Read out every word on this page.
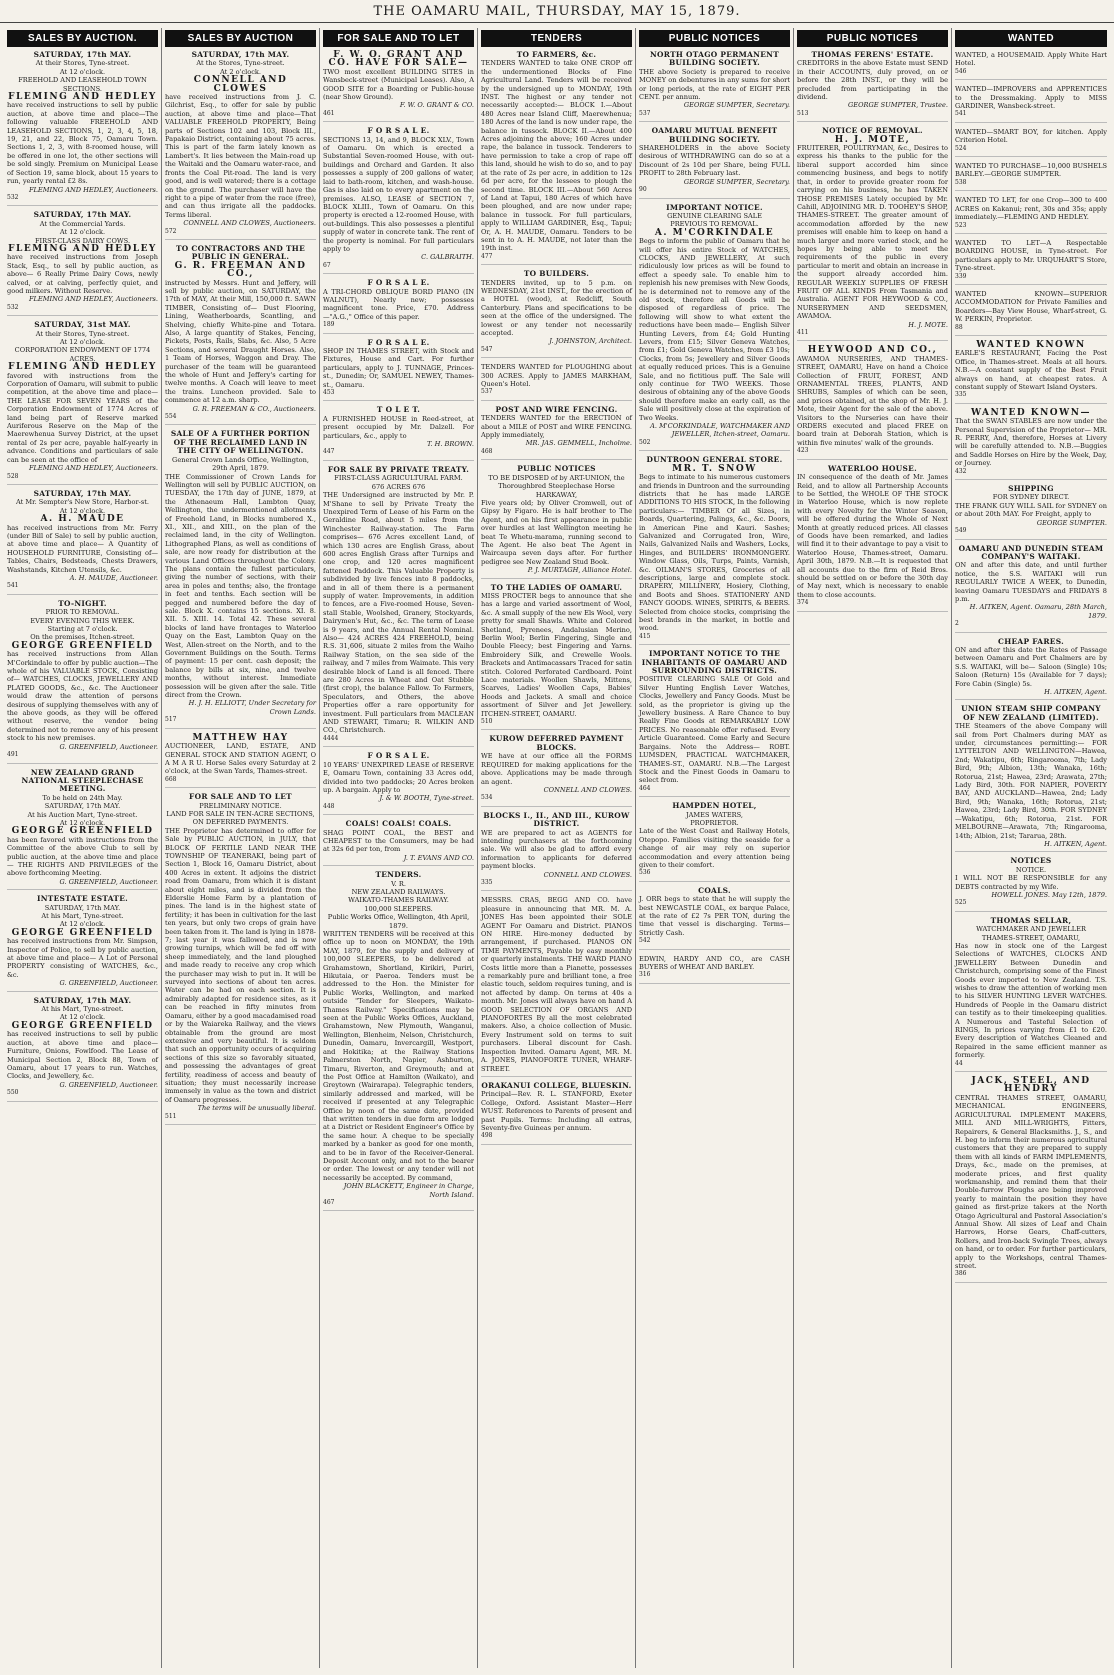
THE OAMARU MAIL, THURSDAY, MAY 15, 1879.
SALES BY AUCTION.
SATURDAY, 17th MAY.
At their Stores, Tyne-street.
At 12 o'clock.
FREEHOLD AND LEASEHOLD TOWN SECTIONS.
FLEMING AND HEDLEY
have received instructions to sell by public auction, at above time and place—The following valuable FREEHOLD AND LEASEHOLD SECTIONS, 1, 2, 3, 4, 5, 18, 19, 21, and 22, Block 75, Oamaru Town. Sections 1, 2, 3, with 8-roomed house, will be offered in one lot, the other sections will be sold singly. Premium on Municipal Lease of Section 19, same block, about 15 years to run, yearly rental £2 8s.
FLEMING AND HEDLEY, Auctioneers.
532
SATURDAY, 17th MAY.
At the Commercial Yards.
At 12 o'clock.
FIRST-CLASS DAIRY COWS.
FLEMING AND HEDLEY
have received instructions from Joseph Stack, Esq., to sell by public auction, as above— 6 Really Prime Dairy Cows, newly calved, or at calving, perfectly quiet, and good milkers. Without Reserve.
FLEMING AND HEDLEY, Auctioneers.
532
SATURDAY, 31st MAY.
At their Stores, Tyne-street.
At 12 o'clock.
CORPORATION ENDOWMENT OF 1774 ACRES.
FLEMING AND HEDLEY
favored with instructions from the Corporation of Oamaru, will submit to public competition, at the above time and place— THE LEASE FOR SEVEN YEARS of the Corporation Endowment of 1774 Acres of land being part of Reserve marked Auriferous Reserve on the Map of the Maerewhenua Survey District, at the upset rental of 2s per acre, payable half-yearly in advance. Conditions and particulars of sale can be seen at the office of
FLEMING AND HEDLEY, Auctioneers.
528
SATURDAY, 17th MAY.
At Mr. Sempter's New Store, Harbor-st.
At 12 o'clock.
A. H. MAUDE
has received instructions from Mr. Ferry (under Bill of Sale) to sell by public auction, at above time and place— A Quantity of HOUSEHOLD FURNITURE, Consisting of— Tables, Chairs, Bedsteads, Chests Drawers, Washstands, Kitchen Utensils, &c.
A. H. MAUDE, Auctioneer.
541
TO-NIGHT.
PRIOR TO REMOVAL.
EVERY EVENING THIS WEEK.
Starting at 7 o'clock.
On the premises, Itchen-street.
GEORGE GREENFIELD
has received instructions from Allan M'Corkindale to offer by public auction—The whole of his VALUABLE STOCK, Consisting of— WATCHES, CLOCKS, JEWELLERY AND PLATED GOODS, &c., &c. The Auctioneer would draw the attention of persons desirous of supplying themselves with any of the above goods, as they will be offered without reserve, the vendor being determined not to remove any of his present stock to his new premises.
G. GREENFIELD, Auctioneer.
491
NEW ZEALAND GRAND NATIONAL STEEPLECHASE MEETING.
To be held on 24th May.
SATURDAY, 17th MAY.
At his Auction Mart, Tyne-street.
At 12 o'clock.
GEORGE GREENFIELD
has been favored with instructions from the Committee of the above Club to sell by public auction, at the above time and place— THE RIGHTS AND PRIVILEGES of the above forthcoming Meeting.
G. GREENFIELD, Auctioneer.
INTESTATE ESTATE.
SATURDAY, 17th MAY.
At his Mart, Tyne-street.
At 12 o'clock.
GEORGE GREENFIELD
has received instructions from Mr. Simpson, Inspector of Police, to sell by public auction, at above time and place— A Lot of Personal PROPERTY consisting of WATCHES, &c., &c.
G. GREENFIELD, Auctioneer.
SATURDAY, 17th MAY.
At his Mart, Tyne-street.
At 12 o'clock.
GEORGE GREENFIELD
has received instructions to sell by public auction, at above time and place— Furniture, Onions, Fowlfood. The Lease of Municipal Section 2, Block 88, Town of Oamaru, about 17 years to run. Watches, Clocks, and Jewellery, &c.
G. GREENFIELD, Auctioneer.
550
SALES BY AUCTION
SATURDAY, 17th MAY.
At the Stores, Tyne-street.
At 2 o'clock.
CONNELL AND CLOWES
have received instructions from J. C. Gilchrist, Esq., to offer for sale by public auction, at above time and place—That VALUABLE FREEHOLD PROPERTY, Being parts of Sections 102 and 103, Block III., Papakaio District, containing about 75 acres. This is part of the farm lately known as Lambert's. It lies between the Main-road up the Waitaki and the Oamaru water-race, and fronts the Coal Pit-road. The land is very good, and is well watered; there is a cottage on the ground. The purchaser will have the right to a pipe of water from the race (free), and can thus irrigate all the paddocks. Terms liberal.
CONNELL AND CLOWES, Auctioneers.
572
TO CONTRACTORS AND THE PUBLIC IN GENERAL.
G. R. FREEMAN AND CO.,
instructed by Messrs. Hunt and Jeffery, will sell by public auction, on SATURDAY, the 17th of MAY, At their Mill, 150,000 ft. SAWN TIMBER, Consisting of— Dust Flooring, Lining, Weatherboards, Scantling, and Shelving, chiefly White-pine and Totara. Also, A large quantity of Stakes, Fencing, Pickets, Posts, Rails, Slabs, &c. Also, 5 Acre Sections, and several Draught Horses. Also, 1 Team of Horses, Waggon and Dray. The purchaser of the team will be guaranteed the whole of Hunt and Jeffery's carting for twelve months. A Coach will leave to meet the trains. Luncheon provided. Sale to commence at 12 a.m. sharp.
G. R. FREEMAN & CO., Auctioneers.
554
SALE OF A FURTHER PORTION OF THE RECLAIMED LAND IN THE CITY OF WELLINGTON.
General Crown Lands Office, Wellington, 29th April, 1879.
THE Commissioner of Crown Lands for Wellington will sell by PUBLIC AUCTION, on TUESDAY, the 17th day of JUNE, 1879, at the Athenaeum Hall, Lambton Quay, Wellington, the undermentioned allotments of Freehold Land, in Blocks numbered X., XI., XII., and XIII., on the plan of the reclaimed land, in the city of Wellington. Lithographed Plans, as well as conditions of sale, are now ready for distribution at the various Land Offices throughout the Colony. The plans contain the fullest particulars, giving the number of sections, with their area in poles and tenths; also, the frontage in feet and tenths. Each section will be pegged and numbered before the day of sale. Block X. contains 15 sections. XI. 8. XII. 5. XIII. 14. Total 42. These several blocks of land have frontages to Waterloo Quay on the East, Lambton Quay on the West, Allen-street on the North, and to the Government Buildings on the South. Terms of payment: 15 per cent. cash deposit; the balance by bills at six, nine, and twelve months, without interest. Immediate possession will be given after the sale. Title direct from the Crown.
H. J. H. ELLIOTT, Under Secretary for Crown Lands.
517
MATTHEW HAY
AUCTIONEER, LAND, ESTATE, AND GENERAL STOCK AND STATION AGENT, O A M A R U. Horse Sales every Saturday at 2 o'clock, at the Swan Yards, Thames-street.
668
FOR SALE AND TO LET
PRELIMINARY NOTICE.
LAND FOR SALE IN TEN-ACRE SECTIONS, ON DEFERRED PAYMENTS.
THE Proprietor has determined to offer for Sale by PUBLIC AUCTION, in JULY, that BLOCK OF FERTILE LAND NEAR THE TOWNSHIP OF TEANERAKI, being part of Section 1, Block 16, Oamaru District, about 400 Acres in extent. It adjoins the district road from Oamaru, from which it is distant about eight miles, and is divided from the Elderslie Home Farm by a plantation of pines. The land is in the highest state of fertility; it has been in cultivation for the last ten years, but only two crops of grain have been taken from it. The land is lying in 1878-7; last year it was fallowed, and is now growing turnips, which will be fed off with sheep immediately, and the land ploughed and made ready to receive any crop which the purchaser may wish to put in. It will be surveyed into sections of about ten acres. Water can be had on each section. It is admirably adapted for residence sites, as it can be reached in fifty minutes from Oamaru, either by a good macadamised road or by the Waiareka Railway, and the views obtainable from the ground are most extensive and very beautiful. It is seldom that such an opportunity occurs of acquiring sections of this size so favorably situated, and possessing the advantages of great fertility, readiness of access and beauty of situation; they must necessarily increase immensely in value as the town and district of Oamaru progresses.
The terms will be unusually liberal.
511
FOR SALE AND TO LET
F. W. O. GRANT AND CO. HAVE FOR SALE—
TWO most excellent BUILDING SITES in Wansbeck-street (Municipal Leases). Also, A GOOD SITE for a Boarding or Public-house (near Show Ground).
F. W. O. GRANT & CO.
461
F O R S A L E.
SECTIONS 13, 14, and 9, BLOCK XLV., Town of Oamaru. On which is erected a Substantial Seven-roomed House, with out-buildings and Orchard and Garden. It also possesses a supply of 200 gallons of water, laid to bath-room, kitchen, and wash-house. Gas is also laid on to every apartment on the premises. ALSO, LEASE of SECTION 7, BLOCK XLIII., Town of Oamaru. On this property is erected a 12-roomed House, with out-buildings. This also possesses a plentiful supply of water in concrete tank. The rent of the property is nominal. For full particulars apply to
C. GALBRAITH.
67
F O R S A L E.
A TRI-CHORD OBLIQUE BORD PIANO (IN WALNUT), Nearly new; possesses magnificent tone. Price, £70. Address—"A.G.," Office of this paper.
189
F O R S A L E.
SHOP IN THAMES STREET, with Stock and Fixtures, House and Cart. For further particulars, apply to J. TUNNAGE, Princes-st., Dunedin; Or, SAMUEL NEWEY, Thames-st., Oamaru.
453
T O L E T.
A FURNISHED HOUSE in Reed-street, at present occupied by Mr. Dalzell. For particulars, &c., apply to
T. H. BROWN.
447
FOR SALE BY PRIVATE TREATY.
FIRST-CLASS AGRICULTURAL FARM.
676 ACRES 676
THE Undersigned are instructed by Mr. P. M'Shane to sell by Private Treaty the Unexpired Term of Lease of his Farm on the Geraldine Road, about 5 miles from the Winchester Railway-station. The Farm comprises— 676 Acres excellent Land, of which 130 acres are English Grass, about 600 acres English Grass after Turnips and one crop, and 120 acres magnificent fattened Paddock. This Valuable Property is subdivided by live fences into 8 paddocks, and in all of them there is a permanent supply of water. Improvements, in addition to fences, are a Five-roomed House, Seven-stall Stable, Woolshed, Granery, Stockyards, Dairymen's Hut, &c., &c. The term of Lease is 9 years, and the Annual Rental Nominal. Also— 424 ACRES 424 FREEHOLD, being R.S. 31,606, situate 2 miles from the Waiho Railway Station, on the sea side of the railway, and 7 miles from Waimate. This very desirable block of Land is all fenced. There are 280 Acres in Wheat and Oat Stubble (first crop), the balance Fallow. To Farmers, Speculators, and Others, the above Properties offer a rare opportunity for investment. Full particulars from MACLEAN AND STEWART, Timaru; R. WILKIN AND CO., Christchurch.
4444
F O R S A L E.
10 YEARS' UNEXPIRED LEASE of RESERVE E, Oamaru Town, containing 33 Acres odd, divided into two paddocks; 20 Acres broken up. A bargain. Apply to
J. & W. BOOTH, Tyne-street.
448
COALS! COALS! COALS.
SHAG POINT COAL, the BEST and CHEAPEST to the Consumers, may be had at 32s 6d per ton, from
J. T. EVANS AND CO.
TENDERS.
V. R.
NEW ZEALAND RAILWAYS.
WAIKATO-THAMES RAILWAY.
100,000 SLEEPERS.
Public Works Office, Wellington, 4th April, 1879.
WRITTEN TENDERS will be received at this office up to noon on MONDAY, the 19th MAY, 1879, for the supply and delivery of 100,000 SLEEPERS, to be delivered at Grahamstown, Shortland, Kirikiri, Puriri, Hikutaia, or Paeroa. Tenders must be addressed to the Hon. the Minister for Public Works, Wellington, and marked outside "Tender for Sleepers, Waikato-Thames Railway." Specifications may be seen at the Public Works Offices, Auckland, Grahamstown, New Plymouth, Wanganui, Wellington, Blenheim, Nelson, Christchurch, Dunedin, Oamaru, Invercargill, Westport, and Hokitika; at the Railway Stations Palmerston North, Napier, Ashburton, Timaru, Riverton, and Greymouth; and at the Post Office at Hamilton (Waikato), and Greytown (Wairarapa). Telegraphic tenders, similarly addressed and marked, will be received if presented at any Telegraphic Office by noon of the same date, provided that written tenders in due form are lodged at a District or Resident Engineer's Office by the same hour. A cheque to be specially marked by a banker as good for one month, and to be in favor of the Receiver-General. Deposit Account only, and not to the bearer or order. The lowest or any tender will not necessarily be accepted. By command,
JOHN BLACKETT, Engineer in Charge, North Island.
467
TENDERS
TO FARMERS, &c.
TENDERS WANTED to take ONE CROP off the undermentioned Blocks of Fine Agricultural Land. Tenders will be received by the undersigned up to MONDAY, 19th INST. The highest or any tender not necessarily accepted:— BLOCK I.—About 480 Acres near Island Cliff, Maerewhenua; 180 Acres of the land is now under rape, the balance in tussock. BLOCK II.—About 400 Acres adjoining the above; 160 Acres under rape, the balance in tussock. Tenderers to have permission to take a crop of rape off this land, should he wish to do so, and to pay at the rate of 2s per acre, in addition to 12s 6d per acre, for the lessees to plough the second time. BLOCK III.—About 560 Acres of Land at Tapui, 180 Acres of which have been ploughed, and are now under rape; balance in tussock. For full particulars, apply to WILLIAM GARDINER, Esq., Tapui; Or, A. H. MAUDE, Oamaru. Tenders to be sent in to A. H. MAUDE, not later than the 19th inst.
477
TO BUILDERS.
TENDERS invited, up to 5 p.m. on WEDNESDAY, 21st INST., for the erection of a HOTEL (wood), at Redcliff, South Canterbury. Plans and specifications to be seen at the office of the undersigned. The lowest or any tender not necessarily accepted.
J. JOHNSTON, Architect.
547
TENDERS WANTED for PLOUGHING about 300 ACRES. Apply to JAMES MARKHAM, Queen's Hotel.
537
POST AND WIRE FENCING.
TENDERS WANTED for the ERECTION of about a MILE of POST and WIRE FENCING. Apply immediately,
MR. JAS. GEMMELL, Incholme.
468
PUBLIC NOTICES
TO BE DISPOSED of by ART-UNION, the Thoroughbred Steeplechase Horse
HARKAWAY,
Five years old; by Oliver Cromwell, out of Gipsy by Figaro. He is half brother to The Agent, and on his first appearance in public over hurdles at last Wellington meeting he beat Te Whetu-marama, running second to The Agent. He also beat The Agent in Waircaupa seven days after. For further pedigree see New Zealand Stud Book.
P. J. MURTAGH, Alliance Hotel.
TO THE LADIES OF OAMARU.
MISS PROCTER begs to announce that she has a large and varied assortment of Wool, &c. A small supply of the new Els Wool, very pretty for small Shawls. White and Colored Shetland, Pyrenees, Andalusian Merino, Berlin Wool; Berlin Fingering, Single and Double Fleecy; best Fingering and Yarns. Embroidery Silk, and Crewelle Wools. Brackets and Antimacassars Traced for satin stitch. Colored Perforated Cardboard. Point Lace materials. Woollen Shawls, Mittens, Scarves, Ladies' Woollen Caps, Babies' Hoods and Jackets. A small and choice assortment of Silver and Jet Jewellery. ITCHEN-STREET, OAMARU.
510
KUROW DEFERRED PAYMENT BLOCKS.
WE have at our office all the FORMS REQUIRED for making applications for the above. Applications may be made through an agent.
CONNELL AND CLOWES.
534
BLOCKS I., II., AND III., KUROW DISTRICT.
WE are prepared to act as AGENTS for intending purchasers at the forthcoming sale. We will also be glad to afford every information to applicants for deferred payment blocks.
CONNELL AND CLOWES.
335
MESSRS. CRAS, BEGG AND CO. have pleasure in announcing that MR. M. A. JONES Has been appointed their SOLE AGENT For Oamaru and District. PIANOS ON HIRE. Hire-money deducted by arrangement, if purchased. PIANOS ON TIME PAYMENTS, Payable by easy monthly or quarterly instalments. THE WARD PIANO Costs little more than a Pianette, possesses a remarkably pure and brilliant tone, a free elastic touch, seldom requires tuning, and is not affected by damp. On terms at 40s a month. Mr. Jones will always have on hand A GOOD SELECTION OF ORGANS AND PIANOFORTES By all the most celebrated makers. Also, a choice collection of Music. Every Instrument sold on terms to suit purchasers. Liberal discount for Cash. Inspection Invited. Oamaru Agent, MR. M. A. JONES, PIANOFORTE TUNER, WHARF-STREET.
ORAKANUI COLLEGE, BLUESKIN.
Principal—Rev. R. L. STANFORD, Exeter College, Oxford. Assistant Master—Herr WUST. References to Parents of present and past Pupils. Terms: Including all extras, Seventy-five Guineas per annum.
498
PUBLIC NOTICES
NORTH OTAGO PERMANENT BUILDING SOCIETY.
THE above Society is prepared to receive MONEY on debentures in any sums for short or long periods, at the rate of EIGHT PER CENT. per annum.
GEORGE SUMPTER, Secretary.
537
OAMARU MUTUAL BENEFIT BUILDING SOCIETY.
SHAREHOLDERS in the above Society desirous of WITHDRAWING can do so at a Discount of 2s 10d per Share, being FULL PROFIT to 28th February last.
GEORGE SUMPTER, Secretary.
90
IMPORTANT NOTICE.
GENUINE CLEARING SALE
PREVIOUS TO REMOVAL.
A. M'CORKINDALE
Begs to inform the public of Oamaru that he will offer his entire Stock of WATCHES, CLOCKS, AND JEWELLERY, At such ridiculously low prices as will be found to effect a speedy sale. To enable him to replenish his new premises with New Goods, he is determined not to remove any of the old stock, therefore all Goods will be disposed of regardless of price. The following will show to what extent the reductions have been made— English Silver Hunting Levers, from £4; Gold Hunting Levers, from £15; Silver Geneva Watches, from £1; Gold Geneva Watches, from £3 10s; Clocks, from 5s; Jewellery and Silver Goods at equally reduced prices. This is a Genuine Sale, and no fictitious puff. The Sale will only continue for TWO WEEKS. Those desirous of obtaining any of the above Goods should therefore make an early call, as the Sale will positively close at the expiration of Two Weeks.
A. M'CORKINDALE, WATCHMAKER AND JEWELLER, Itchen-street, Oamaru.
502
DUNTROON GENERAL STORE.
MR. T. SNOW
Begs to intimate to his numerous customers and friends in Duntroon and the surrounding districts that he has made LARGE ADDITIONS TO HIS STOCK, In the following particulars:— TIMBER Of all Sizes, in Boards, Quartering, Palings, &c., &c. Doors, in American Pine and Kauri. Sashes; Galvanized and Corrugated Iron, Wire, Nails, Galvanized Nails and Washers, Locks, Hinges, and BUILDERS' IRONMONGERY. Window Glass, Oils, Turps, Paints, Varnish, &c. OILMAN'S STORES, Groceries of all descriptions, large and complete stock. DRAPERY, MILLINERY, Hosiery, Clothing, and Boots and Shoes. STATIONERY AND FANCY GOODS. WINES, SPIRITS, & BEERS. Selected from choice stocks, comprising the best brands in the market, in bottle and wood.
415
IMPORTANT NOTICE TO THE INHABITANTS OF OAMARU AND SURROUNDING DISTRICTS.
POSITIVE CLEARING SALE Of Gold and Silver Hunting English Lever Watches, Clocks, Jewellery and Fancy Goods. Must be sold, as the proprietor is giving up the Jewellery business. A Rare Chance to buy Really Fine Goods at REMARKABLY LOW PRICES. No reasonable offer refused. Every Article Guaranteed. Come Early and Secure Bargains. Note the Address— ROBT. LUMSDEN, PRACTICAL WATCHMAKER, THAMES-ST., OAMARU. N.B.—The Largest Stock and the Finest Goods in Oamaru to select from.
464
HAMPDEN HOTEL,
JAMES WATERS,
PROPRIETOR.
Late of the West Coast and Railway Hotels, Otepopo. Families visiting the seaside for a change of air may rely on superior accommodation and every attention being given to their comfort.
536
COALS.
J. ORR begs to state that he will supply the best NEWCASTLE COAL, ex barque Palace, at the rate of £2 7s PER TON, during the time that vessel is discharging. Terms—Strictly Cash.
542
EDWIN, HARDY AND CO., are CASH BUYERS of WHEAT AND BARLEY.
316
PUBLIC NOTICES
THOMAS FERENS' ESTATE.
CREDITORS in the above Estate must SEND in their ACCOUNTS, duly proved, on or before the 28th INST., or they will be precluded from participating in the dividend.
GEORGE SUMPTER, Trustee.
513
NOTICE OF REMOVAL.
H. J. MOTE,
FRUITERER, POULTRYMAN, &c., Desires to express his thanks to the public for the liberal support accorded him since commencing business, and begs to notify that, in order to provide greater room for carrying on his business, he has TAKEN THOSE PREMISES Lately occupied by Mr. Cahill, ADJOINING MR. D. TOOHEY'S SHOP, THAMES-STREET. The greater amount of accommodation afforded by the new premises will enable him to keep on hand a much larger and more varied stock, and he hopes by being able to meet the requirements of the public in every particular to merit and obtain an increase in the support already accorded him. REGULAR WEEKLY SUPPLIES OF FRESH FRUIT OF ALL KINDS From Tasmania and Australia. AGENT FOR HEYWOOD & CO., NURSERYMEN AND SEEDSMEN, AWAMOA.
H. J. MOTE.
411
HEYWOOD AND CO.,
AWAMOA NURSERIES, AND THAMES-STREET, OAMARU, Have on hand a Choice Collection of FRUIT, FOREST, AND ORNAMENTAL TREES, PLANTS, AND SHRUBS, Samples of which can be seen, and prices obtained, at the shop of Mr. H. J. Mote, their Agent for the sale of the above. Visitors to the Nurseries can have their ORDERS executed and placed FREE on board train at Deborah Station, which is within five minutes' walk of the grounds.
423
WATERLOO HOUSE.
IN consequence of the death of Mr. James Reid, and to allow all Partnership Accounts to be Settled, the WHOLE OF THE STOCK in Waterloo House, which is now replete with every Novelty for the Winter Season, will be offered during the Whole of Next Month at greatly reduced prices. All classes of Goods have been remarked, and ladies will find it to their advantage to pay a visit to Waterloo House, Thames-street, Oamaru. April 30th, 1879. N.B.—It is requested that all accounts due to the firm of Reid Bros. should be settled on or before the 30th day of May next, which is necessary to enable them to close accounts.
374
WANTED
WANTED, a HOUSEMAID. Apply White Hart Hotel.
546
WANTED—IMPROVERS and APPRENTICES to the Dressmaking. Apply to MISS GARDINER, Wansbeck-street.
541
WANTED—SMART BOY, for kitchen. Apply Criterion Hotel.
524
WANTED TO PURCHASE—10,000 BUSHELS BARLEY.—GEORGE SUMPTER.
538
WANTED TO LET, for one Crop—300 to 400 ACRES on Kakanui; rent, 30s and 35s; apply immediately.—FLEMING AND HEDLEY.
523
WANTED TO LET—A Respectable BOARDING HOUSE, in Tyne-street. For particulars apply to Mr. URQUHART'S Store, Tyne-street.
339
WANTED KNOWN—SUPERIOR ACCOMMODATION for Private Families and Boarders—Bay View House, Wharf-street, G. W. PERKIN, Proprietor.
88
WANTED KNOWN
EARLE'S RESTAURANT, Facing the Post Office, in Thames-street. Meals at all hours. N.B.—A constant supply of the Best Fruit always on hand, at cheapest rates. A constant supply of Stewart Island Oysters.
335
WANTED KNOWN—
That the SWAN STABLES are now under the Personal Supervision of the Proprietor— MR. R. PERRY, And, therefore, Horses at Livery will be carefully attended to. N.B.—Buggies and Saddle Horses on Hire by the Week, Day, or Journey.
432
SHIPPING
FOR SYDNEY DIRECT.
THE FRANK GUY WILL SAIL for SYDNEY on or about 20th MAY. For Freight, apply to
GEORGE SUMPTER.
549
OAMARU AND DUNEDIN STEAM COMPANY'S WAITAKI.
ON and after this date, and until further notice, the S.S. WAITAKI will run REGULARLY TWICE A WEEK, to Dunedin, leaving Oamaru TUESDAYS and FRIDAYS 8 p.m.
H. AITKEN, Agent. Oamaru, 28th March, 1879.
2
CHEAP FARES.
ON and after this date the Rates of Passage between Oamaru and Port Chalmers are by S.S. WAITAKI, will be— Saloon (Single) 10s; Saloon (Return) 15s (Available for 7 days); Fore Cabin (Single) 5s.
H. AITKEN, Agent.
UNION STEAM SHIP COMPANY OF NEW ZEALAND (LIMITED).
THE Steamers of the above Company will sail from Port Chalmers during MAY as under, circumstances permitting:— FOR LYTTELTON AND WELLINGTON—Hawea, 2nd; Wakatipu, 6th; Ringarooma, 7th; Lady Bird, 9th; Albion, 13th; Wanaka, 16th; Rotorua, 21st; Hawea, 23rd; Arawata, 27th; Lady Bird, 30th. FOR NAPIER, POVERTY BAY, AND AUCKLAND—Hawea, 2nd; Lady Bird, 9th; Wanaka, 16th; Rotorua, 21st; Hawea, 23rd; Lady Bird, 30th. FOR SYDNEY—Wakatipu, 6th; Rotorua, 21st. FOR MELBOURNE—Arawata, 7th; Ringarooma, 14th; Albion, 21st; Tararua, 28th.
H. AITKEN, Agent.
NOTICES
NOTICE.
I WILL NOT BE RESPONSIBLE for any DEBTS contracted by my Wife.
HOWELL JONES. May 12th, 1879.
525
THOMAS SELLAR,
WATCHMAKER AND JEWELLER
THAMES-STREET, OAMARU,
Has now in stock one of the Largest Selections of WATCHES, CLOCKS AND JEWELLERY Between Dunedin and Christchurch, comprising some of the Finest Goods ever imported to New Zealand. T.S. wishes to draw the attention of working men to his SILVER HUNTING LEVER WATCHES. Hundreds of People in the Oamaru district can testify as to their timekeeping qualities. A Numerous and Tasteful Selection of RINGS, In prices varying from £1 to £20. Every description of Watches Cleaned and Repaired in the same efficient manner as formerly.
44
JACK, STEEL, AND HENDRY
CENTRAL THAMES STREET, OAMARU, MECHANICAL ENGINEERS, AGRICULTURAL IMPLEMENT MAKERS, MILL AND MILL-WRIGHTS, Fitters, Repairers, & General Blacksmiths. J., S., and H. beg to inform their numerous agricultural customers that they are prepared to supply them with all kinds of FARM IMPLEMENTS, Drays, &c., made on the premises, at moderate prices, and first quality workmanship, and remind them that their Double-furrow Ploughs are being improved yearly to maintain the position they have gained as first-prize takers at the North Otago Agricultural and Pastoral Association's Annual Show. All sizes of Leaf and Chain Harrows, Horse Gears, Chaff-cutters, Rollers, and Iron-back Swingle Trees, always on hand, or to order. For further particulars, apply to the Workshops, central Thames-street.
386
